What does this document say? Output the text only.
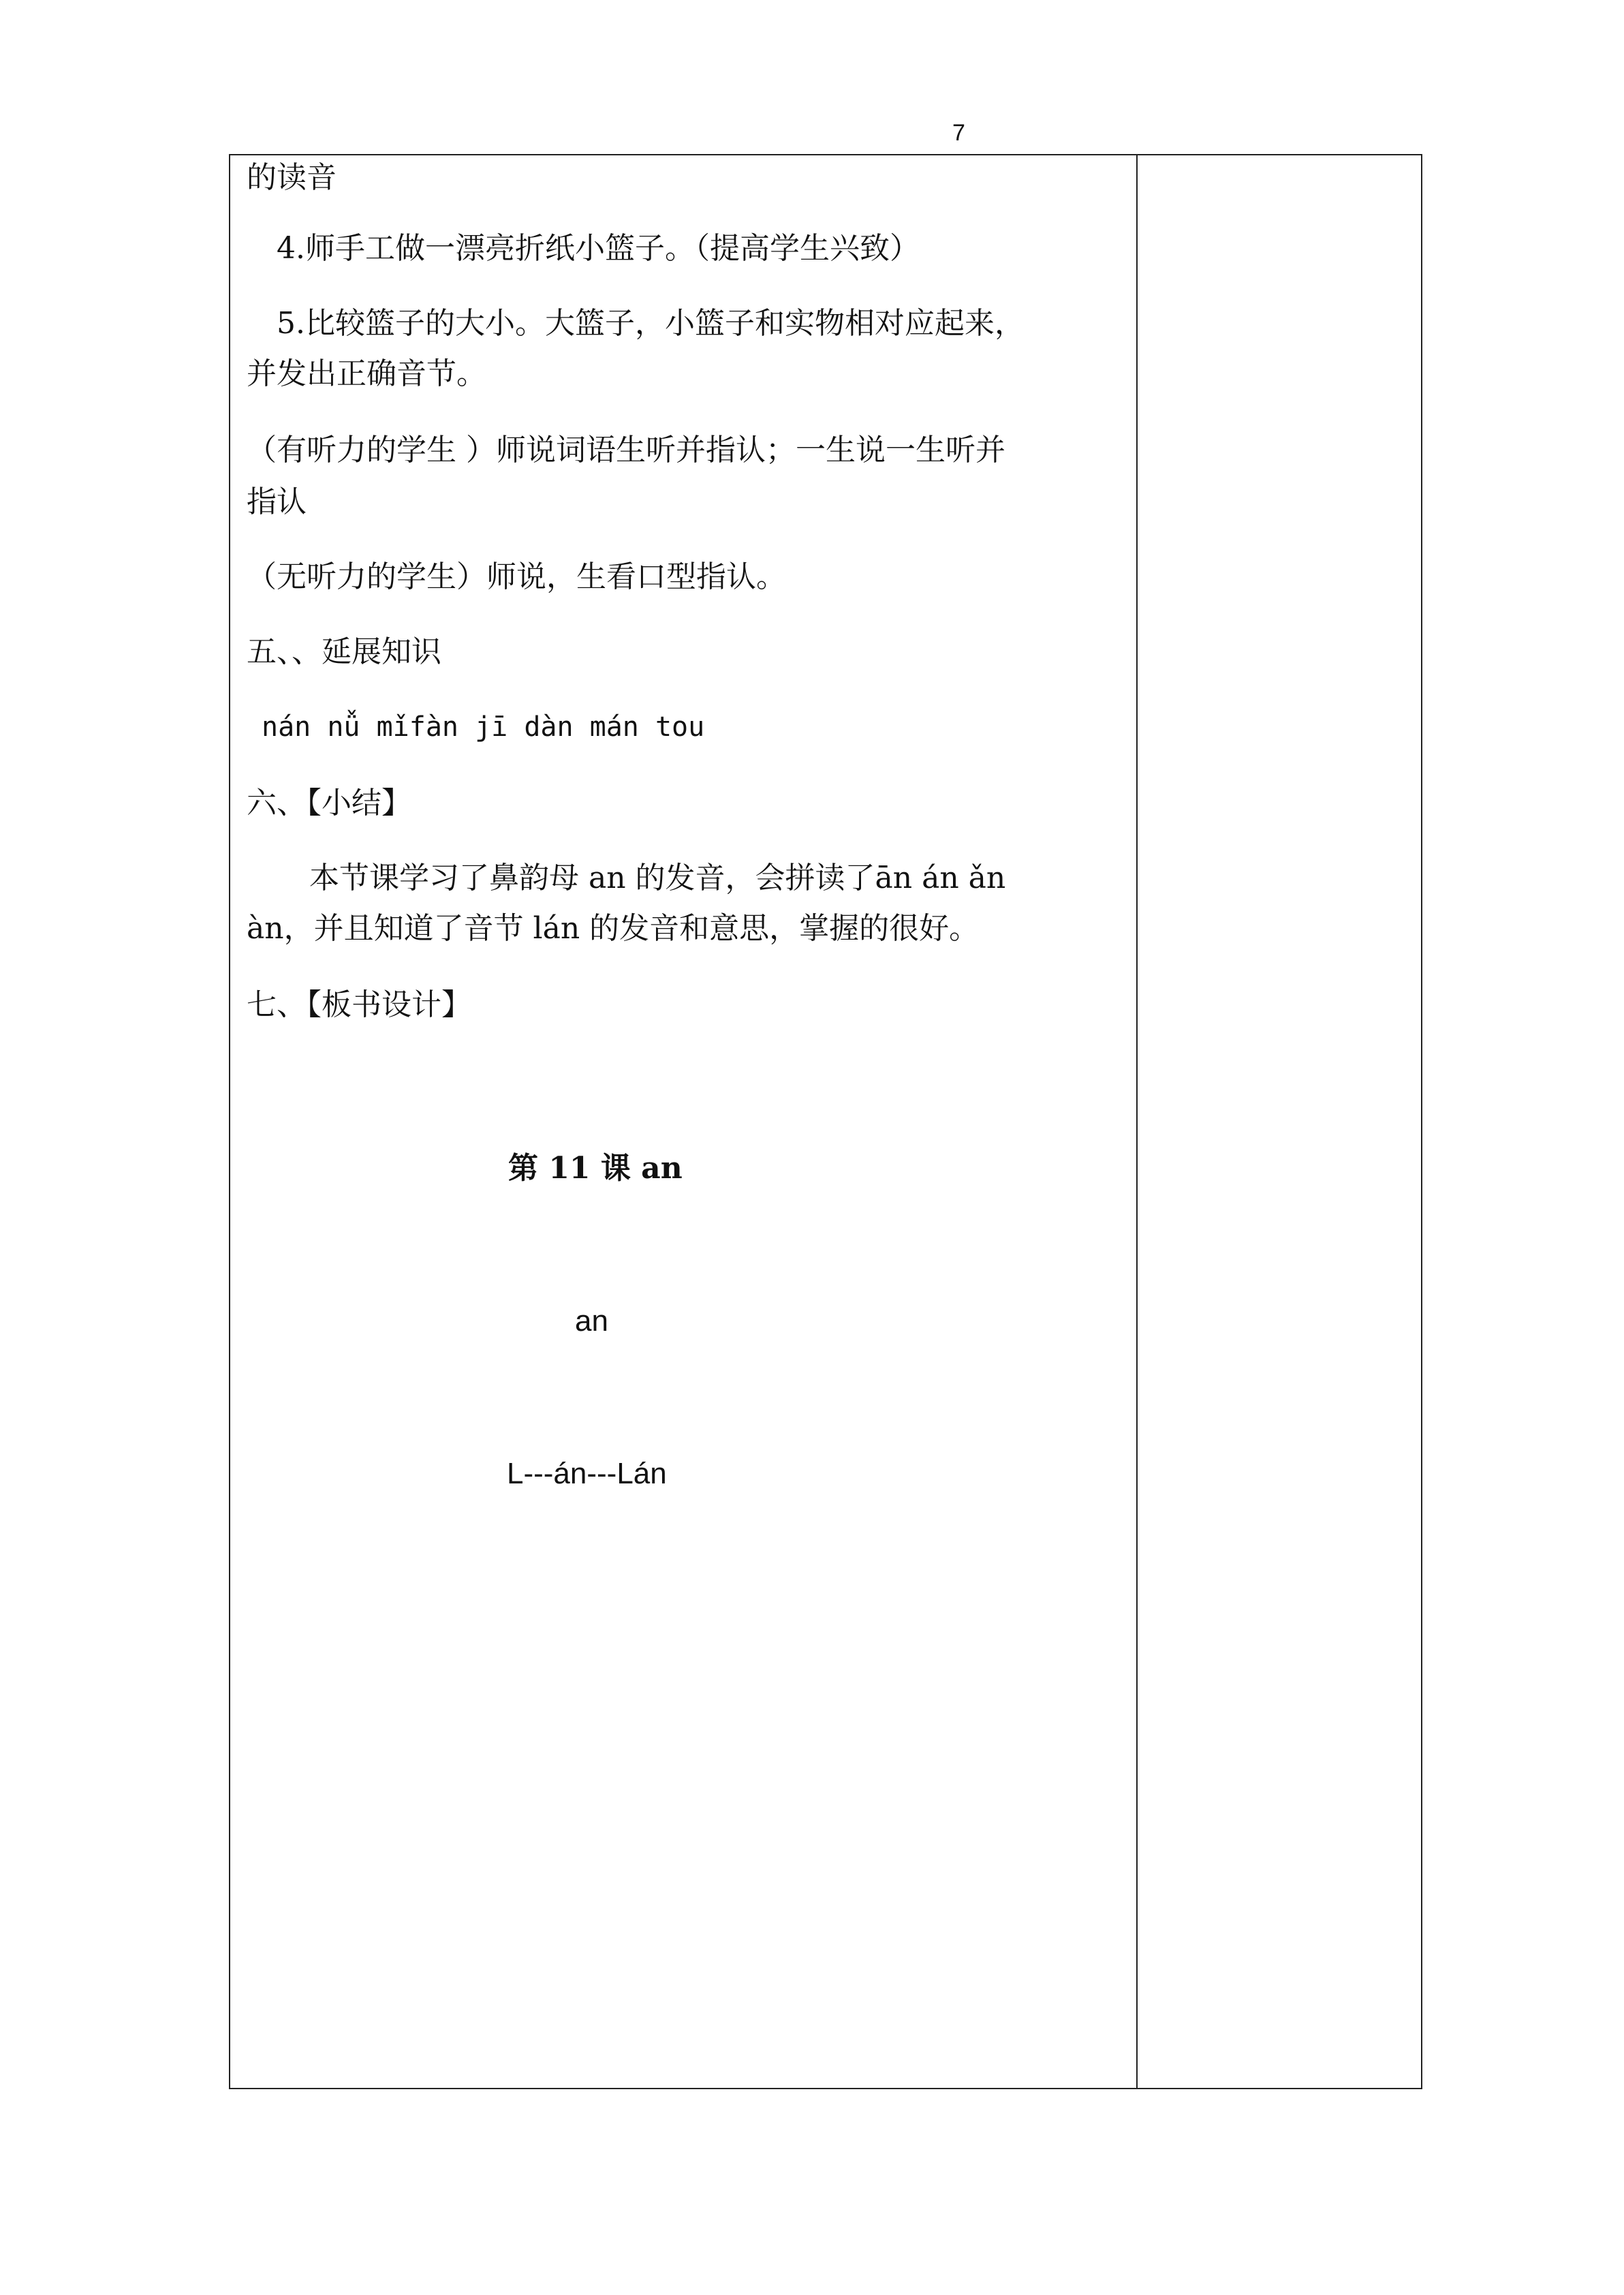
7
的读音
4.师手工做一漂亮折纸小篮子。（提高学生兴致）
5.比较篮子的大小。大篮子，小篮子和实物相对应起来，
并发出正确音节。
（有听力的学生 ）师说词语生听并指认；一生说一生听并
指认
（无听力的学生）师说，生看口型指认。
五、、延展知识
nán nǚ mǐfàn jī dàn mán tou
六、【小结】
本节课学习了鼻韵母 an 的发音，会拼读了ān án ǎn
àn，并且知道了音节 lán 的发音和意思，掌握的很好。
七、【板书设计】
第 11 课 an
an
L---án---Lán
